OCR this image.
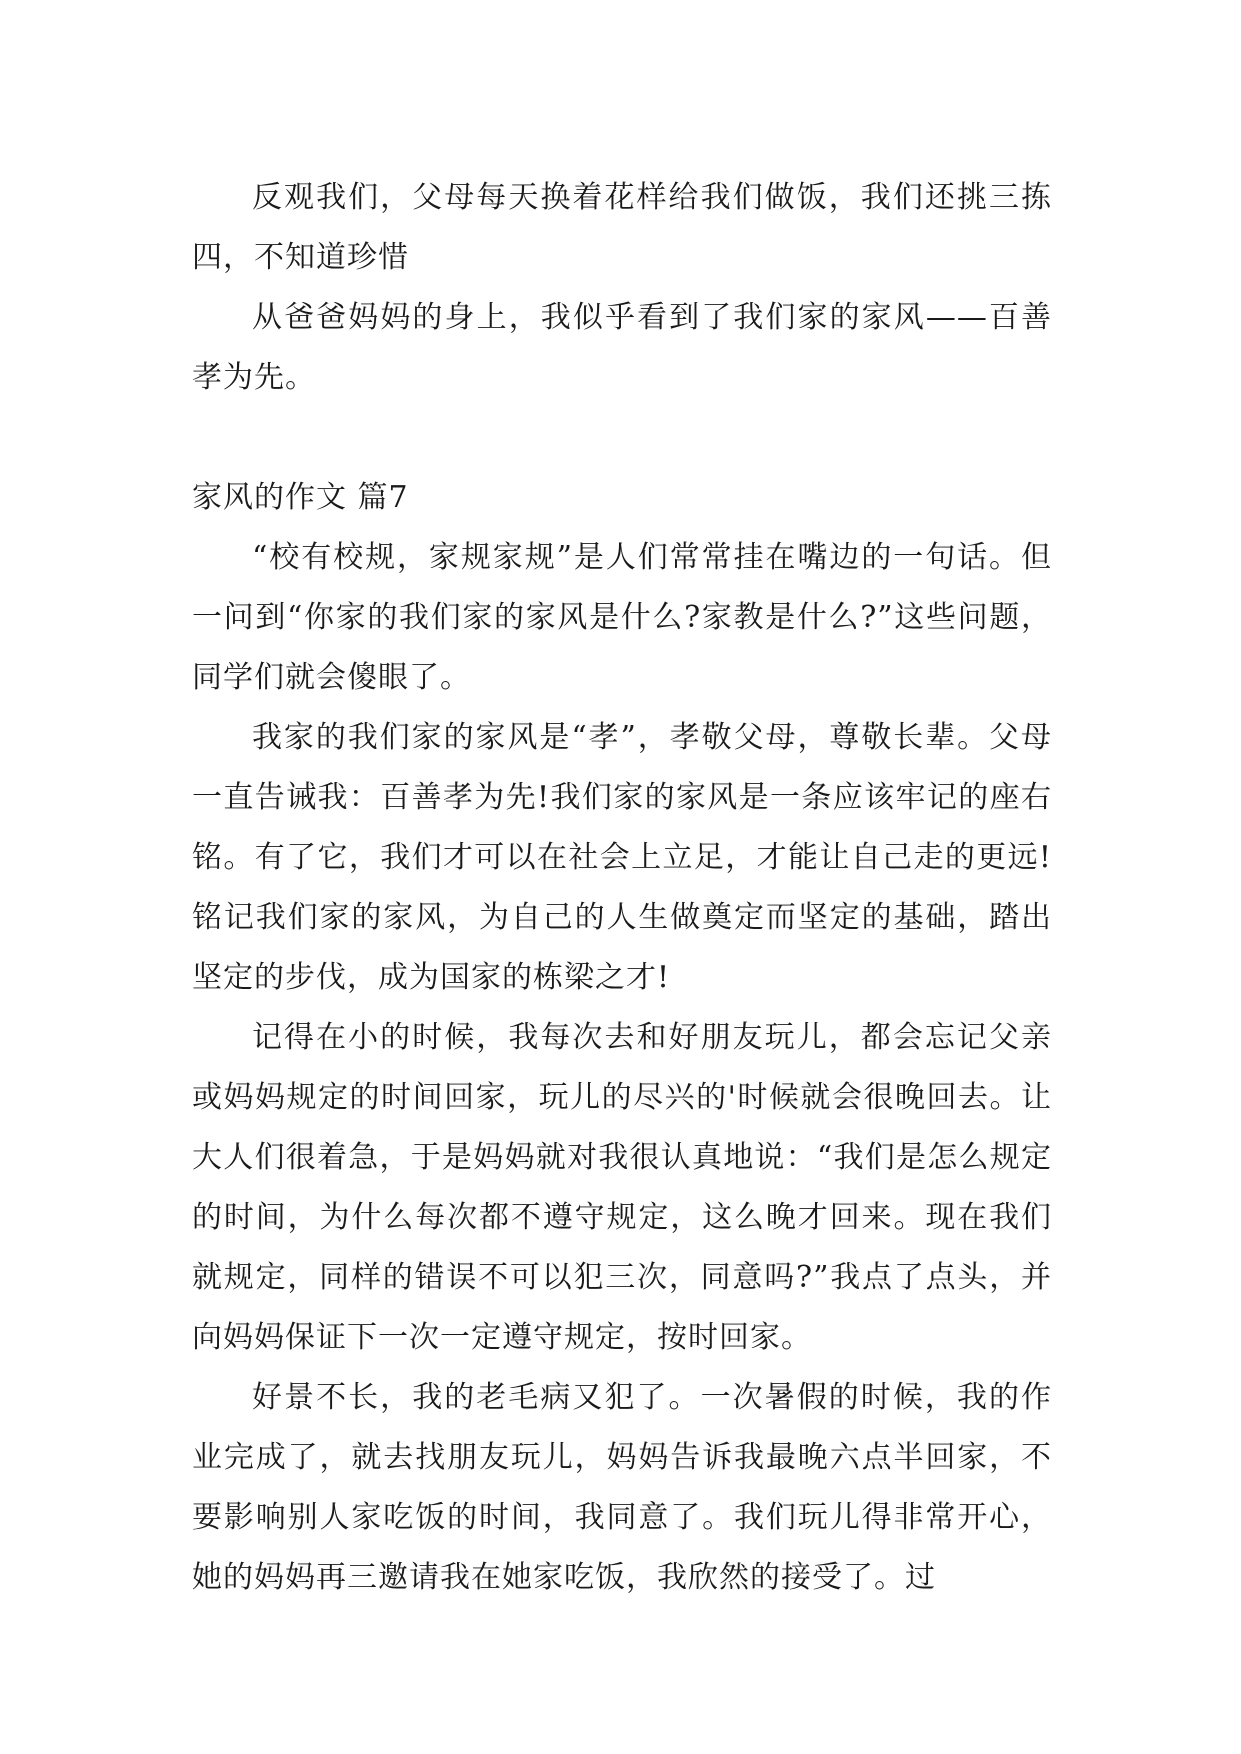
反观我们，父母每天换着花样给我们做饭，我们还挑三拣四，不知道珍惜

从爸爸妈妈的身上，我似乎看到了我们家的家风——百善孝为先。

家风的作文 篇7

“校有校规，家规家规”是人们常常挂在嘴边的一句话。但一问到“你家的我们家的家风是什么?家教是什么?”这些问题，同学们就会傻眼了。

我家的我们家的家风是“孝”，孝敬父母，尊敬长辈。父母一直告诫我：百善孝为先!我们家的家风是一条应该牢记的座右铭。有了它，我们才可以在社会上立足，才能让自己走的更远!铭记我们家的家风，为自己的人生做奠定而坚定的基础，踏出坚定的步伐，成为国家的栋梁之才!

记得在小的时候，我每次去和好朋友玩儿，都会忘记父亲或妈妈规定的时间回家，玩儿的尽兴的'时候就会很晚回去。让大人们很着急，于是妈妈就对我很认真地说：“我们是怎么规定的时间，为什么每次都不遵守规定，这么晚才回来。现在我们就规定，同样的错误不可以犯三次，同意吗?”我点了点头，并向妈妈保证下一次一定遵守规定，按时回家。

好景不长，我的老毛病又犯了。一次暑假的时候，我的作业完成了，就去找朋友玩儿，妈妈告诉我最晚六点半回家，不要影响别人家吃饭的时间，我同意了。我们玩儿得非常开心，她的妈妈再三邀请我在她家吃饭，我欣然的接受了。过
